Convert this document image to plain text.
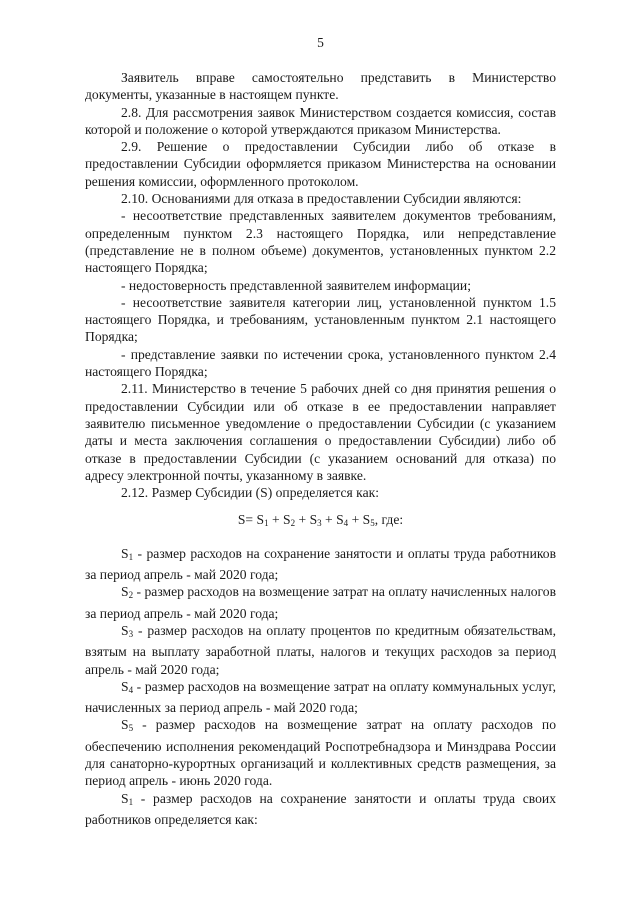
5

Заявитель вправе самостоятельно представить в Министерство документы, указанные в настоящем пункте.

2.8. Для рассмотрения заявок Министерством создается комиссия, состав которой и положение о которой утверждаются приказом Министерства.

2.9. Решение о предоставлении Субсидии либо об отказе в предоставлении Субсидии оформляется приказом Министерства на основании решения комиссии, оформленного протоколом.

2.10. Основаниями для отказа в предоставлении Субсидии являются:

- несоответствие представленных заявителем документов требованиям, определенным пунктом 2.3 настоящего Порядка, или непредставление (представление не в полном объеме) документов, установленных пунктом 2.2 настоящего Порядка;

- недостоверность представленной заявителем информации;

- несоответствие заявителя категории лиц, установленной пунктом 1.5 настоящего Порядка, и требованиям, установленным пунктом 2.1 настоящего Порядка;

- представление заявки по истечении срока, установленного пунктом 2.4 настоящего Порядка;

2.11. Министерство в течение 5 рабочих дней со дня принятия решения о предоставлении Субсидии или об отказе в ее предоставлении направляет заявителю письменное уведомление о предоставлении Субсидии (с указанием даты и места заключения соглашения о предоставлении Субсидии) либо об отказе в предоставлении Субсидии (с указанием оснований для отказа) по адресу электронной почты, указанному в заявке.

2.12. Размер Субсидии (S) определяется как:

$S= S_1 + S_2 + S_3 + S_4 + S_5$, где:

$S_1$ - размер расходов на сохранение занятости и оплаты труда работников за период апрель - май 2020 года;

$S_2$ - размер расходов на возмещение затрат на оплату начисленных налогов за период апрель - май 2020 года;

$S_3$ - размер расходов на оплату процентов по кредитным обязательствам, взятым на выплату заработной платы, налогов и текущих расходов за период апрель - май 2020 года;

$S_4$ - размер расходов на возмещение затрат на оплату коммунальных услуг, начисленных за период апрель - май 2020 года;

$S_5$ - размер расходов на возмещение затрат на оплату расходов по обеспечению исполнения рекомендаций Роспотребнадзора и Минздрава России для санаторно-курортных организаций и коллективных средств размещения, за период апрель - июнь 2020 года.

$S_1$ - размер расходов на сохранение занятости и оплаты труда своих работников определяется как:
